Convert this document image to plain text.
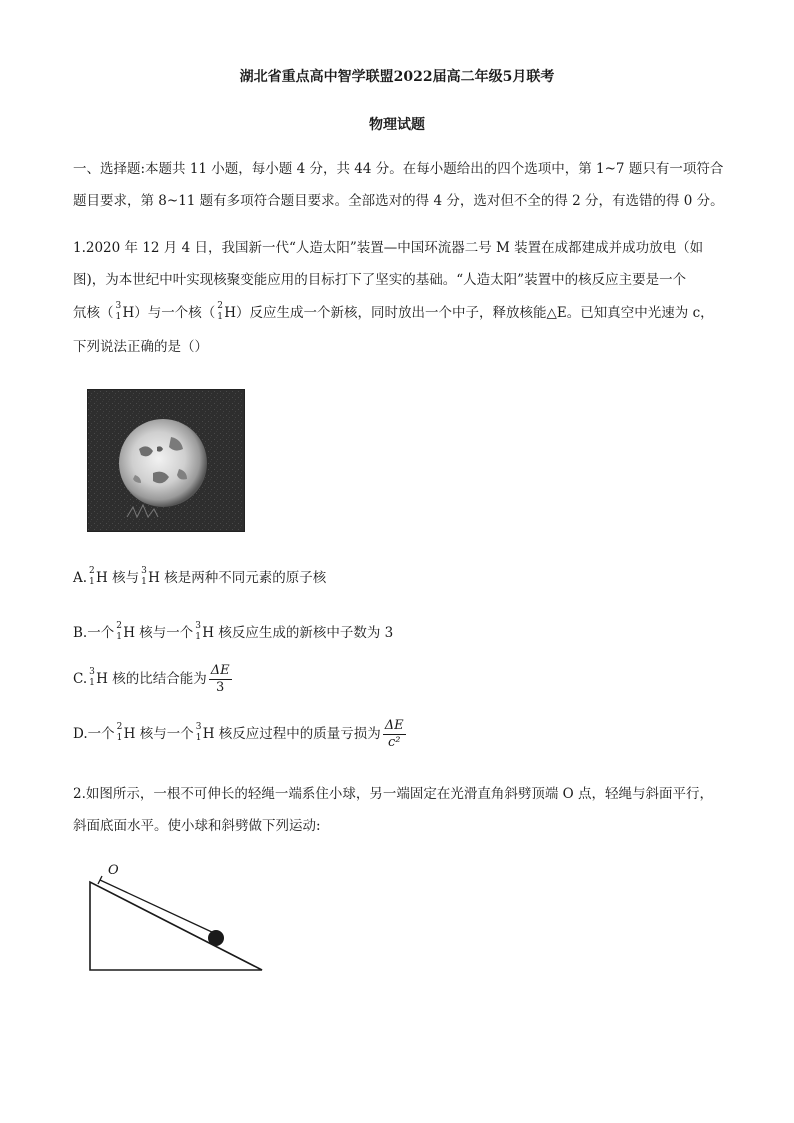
湖北省重点高中智学联盟2022届高二年级5月联考
物理试题
一、选择题:本题共 11 小题，每小题 4 分，共 44 分。在每小题给出的四个选项中，第 1~7 题只有一项符合
题目要求，第 8~11 题有多项符合题目要求。全部选对的得 4 分，选对但不全的得 2 分，有选错的得 0 分。
1.2020 年 12 月 4 日，我国新一代“人造太阳”装置—中国环流器二号 M 装置在成都建成并成功放电（如
图)，为本世纪中叶实现核聚变能应用的目标打下了坚实的基础。“人造太阳”装置中的核反应主要是一个
氘核（ 3
1 H）与一个核（ 2
1 H）反应生成一个新核，同时放出一个中子，释放核能△E。已知真空中光速为 c，
下列说法正确的是（）
A. 2
1 H 核与 3
1 H 核是两种不同元素的原子核
B.一个 2
1 H 核与一个 3
1 H 核反应生成的新核中子数为 3
C. 3
1 H 核的比结合能为 $\frac{\Delta E}{3}$
D.一个 2
1 H 核与一个 3
1 H 核反应过程中的质量亏损为 $\frac{\Delta E}{\text{c²}}$
2.如图所示，一根不可伸长的轻绳一端系住小球，另一端固定在光滑直角斜劈顶端 O 点，轻绳与斜面平行，
斜面底面水平。使小球和斜劈做下列运动:
O
